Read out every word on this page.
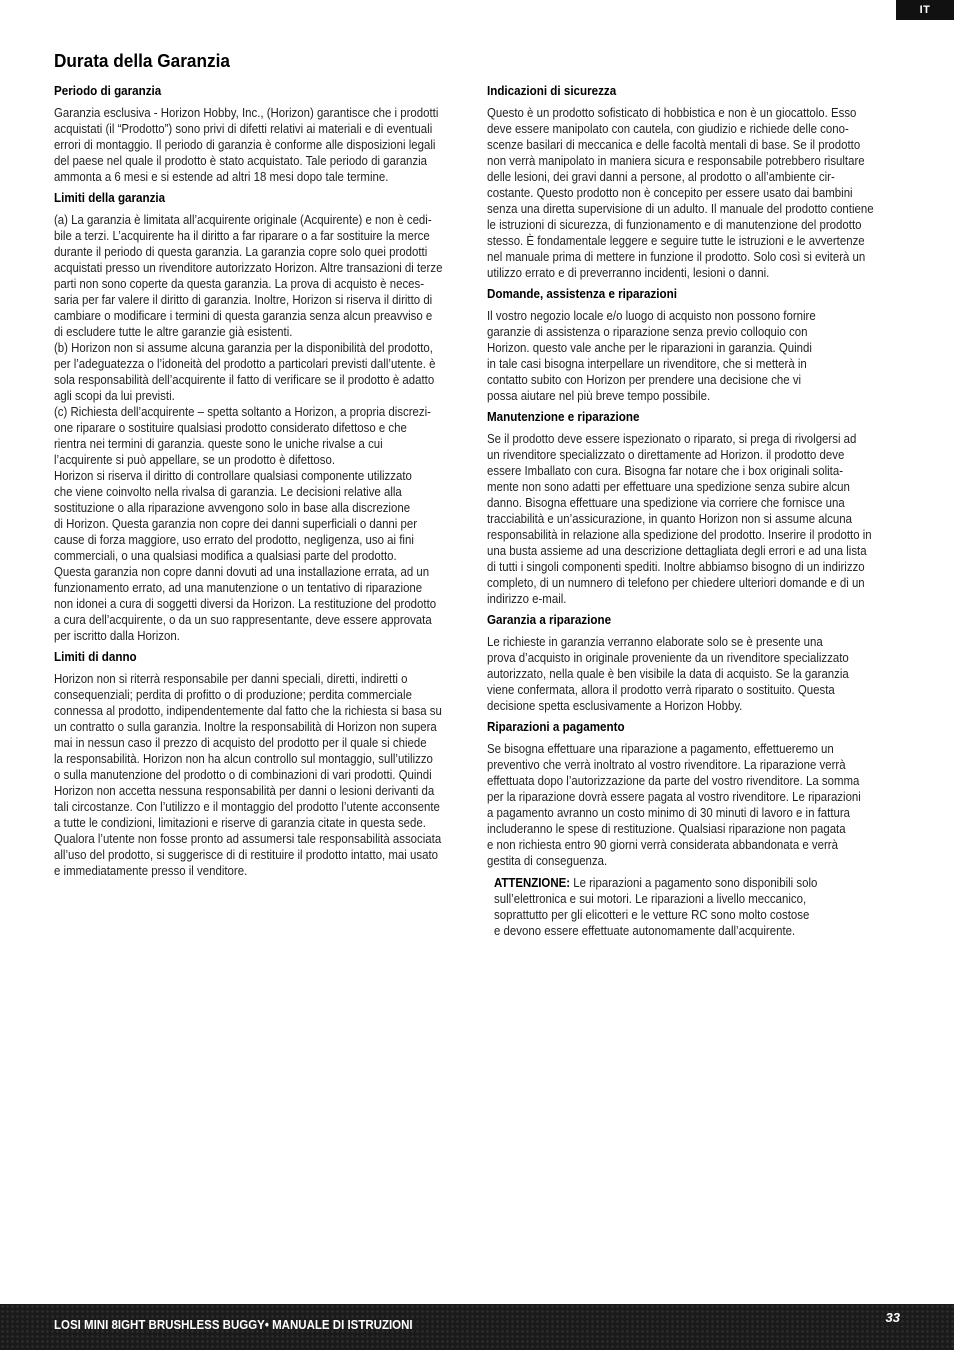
IT
Durata della Garanzia
Periodo di garanzia
Garanzia esclusiva - Horizon Hobby, Inc., (Horizon) garantisce che i prodotti
acquistati (il “Prodotto”) sono privi di difetti relativi ai materiali e di eventuali
errori di montaggio. Il periodo di garanzia è conforme alle disposizioni legali
del paese nel quale il prodotto è stato acquistato. Tale periodo di garanzia
ammonta a 6 mesi e si estende ad altri 18 mesi dopo tale termine.
Limiti della garanzia
(a) La garanzia è limitata all’acquirente originale (Acquirente) e non è cedi-
bile a terzi. L’acquirente ha il diritto a far riparare o a far sostituire la merce
durante il periodo di questa garanzia. La garanzia copre solo quei prodotti
acquistati presso un rivenditore autorizzato Horizon. Altre transazioni di terze
parti non sono coperte da questa garanzia. La prova di acquisto è neces-
saria per far valere il diritto di garanzia. Inoltre, Horizon si riserva il diritto di
cambiare o modificare i termini di questa garanzia senza alcun preavviso e
di escludere tutte le altre garanzie già esistenti.
(b) Horizon non si assume alcuna garanzia per la disponibilità del prodotto,
per l’adeguatezza o l’idoneità del prodotto a particolari previsti dall’utente. è
sola responsabilità dell’acquirente il fatto di verificare se il prodotto è adatto
agli scopi da lui previsti.
(c) Richiesta dell’acquirente – spetta soltanto a Horizon, a propria discrezi-
one riparare o sostituire qualsiasi prodotto considerato difettoso e che
rientra nei termini di garanzia. queste sono le uniche rivalse a cui
l’acquirente si può appellare, se un prodotto è difettoso.
Horizon si riserva il diritto di controllare qualsiasi componente utilizzato
che viene coinvolto nella rivalsa di garanzia. Le decisioni relative alla
sostituzione o alla riparazione avvengono solo in base alla discrezione
di Horizon. Questa garanzia non copre dei danni superficiali o danni per
cause di forza maggiore, uso errato del prodotto, negligenza, uso ai fini
commerciali, o una qualsiasi modifica a qualsiasi parte del prodotto.
Questa garanzia non copre danni dovuti ad una installazione errata, ad un
funzionamento errato, ad una manutenzione o un tentativo di riparazione
non idonei a cura di soggetti diversi da Horizon. La restituzione del prodotto
a cura dell’acquirente, o da un suo rappresentante, deve essere approvata
per iscritto dalla Horizon.
Limiti di danno
Horizon non si riterrà responsabile per danni speciali, diretti, indiretti o
consequenziali; perdita di profitto o di produzione; perdita commerciale
connessa al prodotto, indipendentemente dal fatto che la richiesta si basa su
un contratto o sulla garanzia. Inoltre la responsabilità di Horizon non supera
mai in nessun caso il prezzo di acquisto del prodotto per il quale si chiede
la responsabilità. Horizon non ha alcun controllo sul montaggio, sull’utilizzo
o sulla manutenzione del prodotto o di combinazioni di vari prodotti. Quindi
Horizon non accetta nessuna responsabilità per danni o lesioni derivanti da
tali circostanze. Con l’utilizzo e il montaggio del prodotto l’utente acconsente
a tutte le condizioni, limitazioni e riserve di garanzia citate in questa sede.
Qualora l’utente non fosse pronto ad assumersi tale responsabilità associata
all’uso del prodotto, si suggerisce di di restituire il prodotto intatto, mai usato
e immediatamente presso il venditore.
Indicazioni di sicurezza
Questo è un prodotto sofisticato di hobbistica e non è un giocattolo. Esso
deve essere manipolato con cautela, con giudizio e richiede delle cono-
scenze basilari di meccanica e delle facoltà mentali di base. Se il prodotto
non verrà manipolato in maniera sicura e responsabile potrebbero risultare
delle lesioni, dei gravi danni a persone, al prodotto o all’ambiente cir-
costante. Questo prodotto non è concepito per essere usato dai bambini
senza una diretta supervisione di un adulto. Il manuale del prodotto contiene
le istruzioni di sicurezza, di funzionamento e di manutenzione del prodotto
stesso. È fondamentale leggere e seguire tutte le istruzioni e le avvertenze
nel manuale prima di mettere in funzione il prodotto. Solo così si eviterà un
utilizzo errato e di preverranno incidenti, lesioni o danni.
Domande, assistenza e riparazioni
Il vostro negozio locale e/o luogo di acquisto non possono fornire
garanzie di assistenza o riparazione senza previo colloquio con
Horizon. questo vale anche per le riparazioni in garanzia. Quindi
in tale casi bisogna interpellare un rivenditore, che si metterà in
contatto subito con Horizon per prendere una decisione che vi
possa aiutare nel più breve tempo possibile.
Manutenzione e riparazione
Se il prodotto deve essere ispezionato o riparato, si prega di rivolgersi ad
un rivenditore specializzato o direttamente ad Horizon. il prodotto deve
essere Imballato con cura. Bisogna far notare che i box originali solita-
mente non sono adatti per effettuare una spedizione senza subire alcun
danno. Bisogna effettuare una spedizione via corriere che fornisce una
tracciabilità e un’assicurazione, in quanto Horizon non si assume alcuna
responsabilità in relazione alla spedizione del prodotto. Inserire il prodotto in
una busta assieme ad una descrizione dettagliata degli errori e ad una lista
di tutti i singoli componenti spediti. Inoltre abbiamso bisogno di un indirizzo
completo, di un numnero di telefono per chiedere ulteriori domande e di un
indirizzo e-mail.
Garanzia a riparazione
Le richieste in garanzia verranno elaborate solo se è presente una
prova d’acquisto in originale proveniente da un rivenditore specializzato
autorizzato, nella quale è ben visibile la data di acquisto. Se la garanzia
viene confermata, allora il prodotto verrà riparato o sostituito. Questa
decisione spetta esclusivamente a Horizon Hobby.
Riparazioni a pagamento
Se bisogna effettuare una riparazione a pagamento, effettueremo un
preventivo che verrà inoltrato al vostro rivenditore. La riparazione verrà
effettuata dopo l’autorizzazione da parte del vostro rivenditore. La somma
per la riparazione dovrà essere pagata al vostro rivenditore. Le riparazioni
a pagamento avranno un costo minimo di 30 minuti di lavoro e in fattura
includeranno le spese di restituzione. Qualsiasi riparazione non pagata
e non richiesta entro 90 giorni verrà considerata abbandonata e verrà
gestita di conseguenza.
ATTENZIONE: Le riparazioni a pagamento sono disponibili solo
sull’elettronica e sui motori. Le riparazioni a livello meccanico,
soprattutto per gli elicotteri e le vetture RC sono molto costose
e devono essere effettuate autonomamente dall’acquirente.
LOSI MINI 8IGHT BRUSHLESS BUGGY• MANUALE DI ISTRUZIONI	33
